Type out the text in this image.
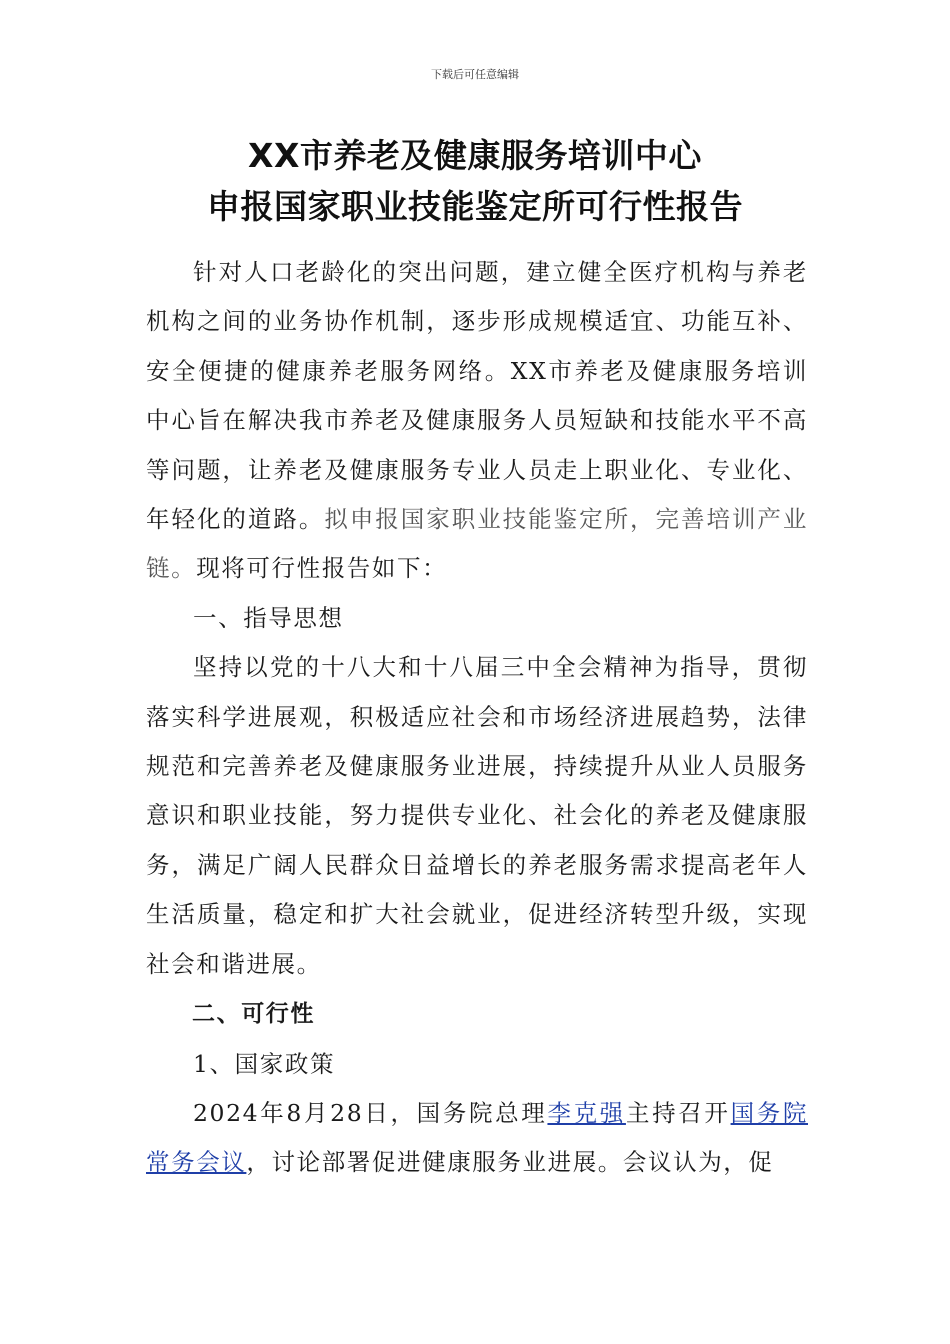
下载后可任意编辑
XX市养老及健康服务培训中心
申报国家职业技能鉴定所可行性报告

针对人口老龄化的突出问题，建立健全医疗机构与养老机构之间的业务协作机制，逐步形成规模适宜、功能互补、安全便捷的健康养老服务网络。XX市养老及健康服务培训中心旨在解决我市养老及健康服务人员短缺和技能水平不高等问题，让养老及健康服务专业人员走上职业化、专业化、年轻化的道路。拟申报国家职业技能鉴定所，完善培训产业链。现将可行性报告如下：

一、指导思想

坚持以党的十八大和十八届三中全会精神为指导，贯彻落实科学进展观，积极适应社会和市场经济进展趋势，法律规范和完善养老及健康服务业进展，持续提升从业人员服务意识和职业技能，努力提供专业化、社会化的养老及健康服务，满足广阔人民群众日益增长的养老服务需求提高老年人生活质量，稳定和扩大社会就业，促进经济转型升级，实现社会和谐进展。

二、可行性

1、国家政策

2024年8月28日，国务院总理李克强主持召开国务院常务会议，讨论部署促进健康服务业进展。会议认为，促
